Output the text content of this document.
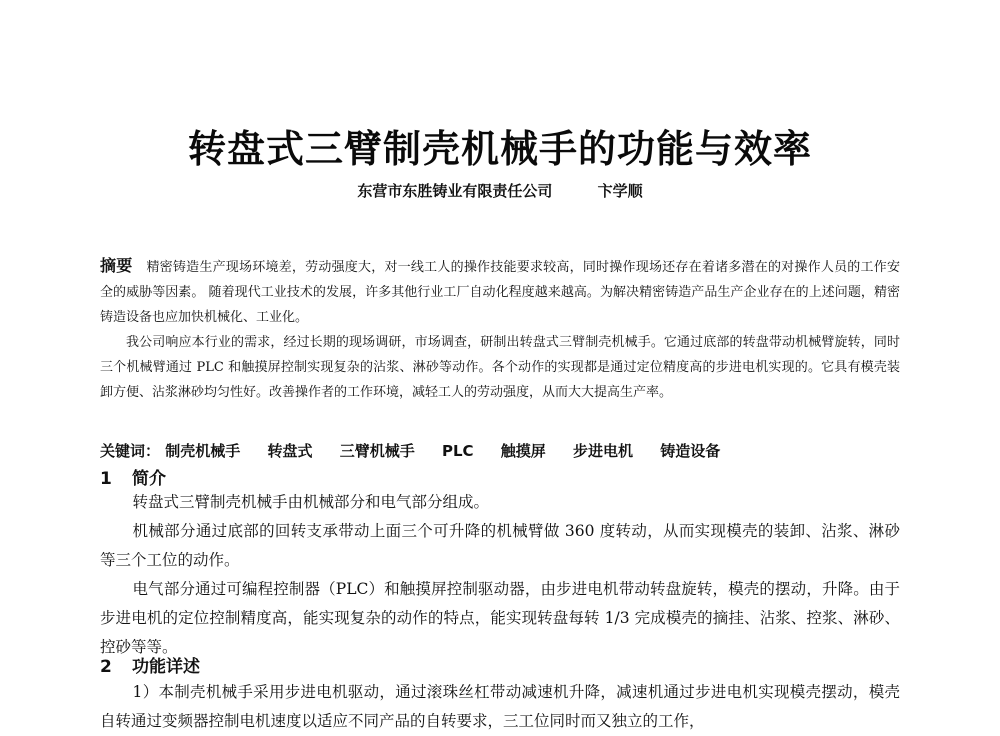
转盘式三臂制壳机械手的功能与效率
东营市东胜铸业有限责任公司	卞学顺

摘要 精密铸造生产现场环境差，劳动强度大，对一线工人的操作技能要求较高，同时操作现场还存在着诸多潜在的对操作人员的工作安全的威胁等因素。 随着现代工业技术的发展，许多其他行业工厂自动化程度越来越高。为解决精密铸造产品生产企业存在的上述问题，精密铸造设备也应加快机械化、工业化。

我公司响应本行业的需求，经过长期的现场调研，市场调查，研制出转盘式三臂制壳机械手。它通过底部的转盘带动机械臂旋转，同时三个机械臂通过 PLC 和触摸屏控制实现复杂的沾浆、淋砂等动作。各个动作的实现都是通过定位精度高的步进电机实现的。它具有模壳装卸方便、沾浆淋砂均匀性好。改善操作者的工作环境，减轻工人的劳动强度，从而大大提高生产率。

关键词： 制壳机械手 转盘式 三臂机械手 PLC 触摸屏 步进电机 铸造设备
1 简介

转盘式三臂制壳机械手由机械部分和电气部分组成。

机械部分通过底部的回转支承带动上面三个可升降的机械臂做 360 度转动，从而实现模壳的装卸、沾浆、淋砂等三个工位的动作。

电气部分通过可编程控制器（PLC）和触摸屏控制驱动器，由步进电机带动转盘旋转，模壳的摆动，升降。由于步进电机的定位控制精度高，能实现复杂的动作的特点，能实现转盘每转 1/3 完成模壳的摘挂、沾浆、控浆、淋砂、控砂等等。

2 功能详述

1）本制壳机械手采用步进电机驱动，通过滚珠丝杠带动减速机升降，减速机通过步进电机实现模壳摆动，模壳自转通过变频器控制电机速度以适应不同产品的自转要求，三工位同时而又独立的工作，
